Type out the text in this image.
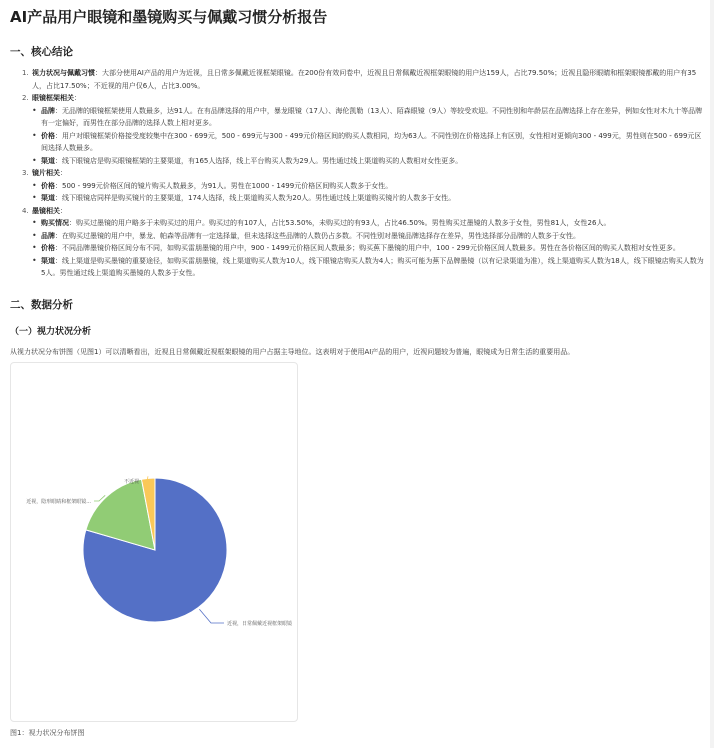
AI产品用户眼镜和墨镜购买与佩戴习惯分析报告
一、核心结论
1. 视力状况与佩戴习惯：大部分使用AI产品的用户为近视，且日常多佩戴近视框架眼镜。在200份有效问卷中，近视且日常佩戴近视框架眼镜的用户达159人，占比79.50%；近视且隐形眼睛和框架眼镜都戴的用户有35人，占比17.50%；不近视的用户仅6人，占比3.00%。
2. 眼镜框架相关：
• 品牌：无品牌的眼镜框架使用人数最多，达91人。在有品牌选择的用户中，暴龙眼镜（17人）、海伦凯勒（13人）、陌森眼镜（9人）等较受欢迎。不同性别和年龄层在品牌选择上存在差异，例如女性对木九十等品牌有一定偏好，而男性在部分品牌的选择人数上相对更多。
• 价格：用户对眼镜框架价格接受度较集中在300 - 699元，500 - 699元与300 - 499元价格区间的购买人数相同，均为63人。不同性别在价格选择上有区别，女性相对更倾向300 - 499元，男性则在500 - 699元区间选择人数最多。
• 渠道：线下眼镜店是购买眼镜框架的主要渠道，有165人选择，线上平台购买人数为29人。男性通过线上渠道购买的人数相对女性更多。
3. 镜片相关：
• 价格：500 - 999元价格区间的镜片购买人数最多，为91人。男性在1000 - 1499元价格区间购买人数多于女性。
• 渠道：线下眼镜店同样是购买镜片的主要渠道，174人选择，线上渠道购买人数为20人。男性通过线上渠道购买镜片的人数多于女性。
4. 墨镜相关：
• 购买情况：购买过墨镜的用户略多于未购买过的用户。购买过的有107人，占比53.50%，未购买过的有93人，占比46.50%。男性购买过墨镜的人数多于女性，男性81人，女性26人。
• 品牌：在购买过墨镜的用户中，暴龙、帕森等品牌有一定选择量，但未选择这些品牌的人数仍占多数。不同性别对墨镜品牌选择存在差异，男性选择部分品牌的人数多于女性。
• 价格：不同品牌墨镜价格区间分布不同，如购买雷朋墨镜的用户中，900 - 1499元价格区间人数最多；购买蕉下墨镜的用户中，100 - 299元价格区间人数最多。男性在各价格区间的购买人数相对女性更多。
• 渠道：线上渠道是购买墨镜的重要途径，如购买雷朋墨镜，线上渠道购买人数为10人，线下眼镜店购买人数为4人；购买可能为蕉下品牌墨镜（以有记录渠道为准），线上渠道购买人数为18人，线下眼镜店购买人数为5人。男性通过线上渠道购买墨镜的人数多于女性。
二、数据分析
（一）视力状况分析

从视力状况分布饼图（见图1）可以清晰看出，近视且日常佩戴近视框架眼镜的用户占据主导地位。这表明对于使用AI产品的用户，近视问题较为普遍，眼镜成为日常生活的重要用品。

近视，日常佩戴近视框架眼镜
近视，隐形眼睛和框架眼镜...
不近视
图1：视力状况分布饼图
